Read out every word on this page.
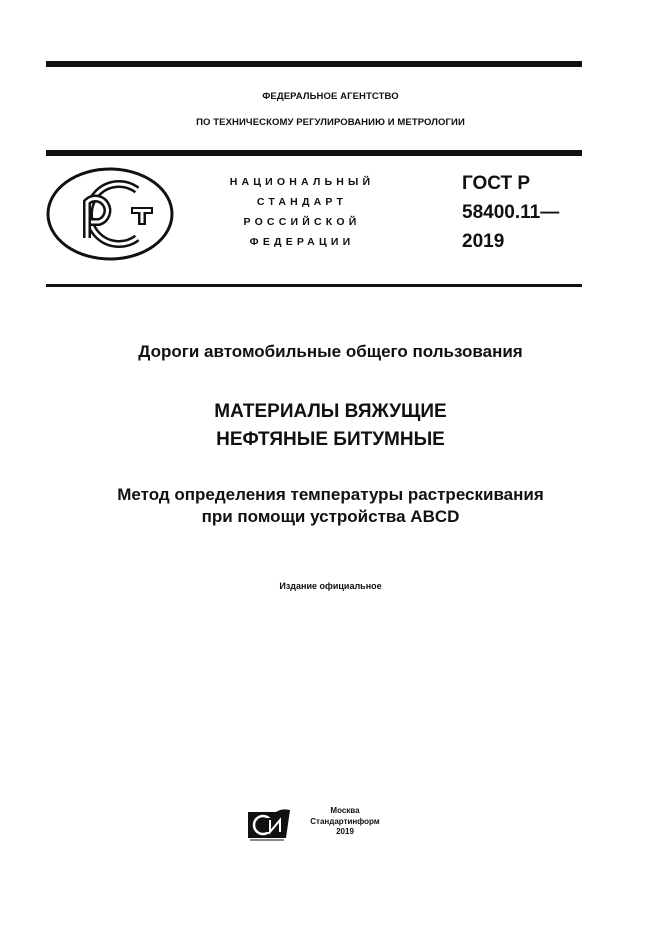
ФЕДЕРАЛЬНОЕ АГЕНТСТВО
ПО ТЕХНИЧЕСКОМУ РЕГУЛИРОВАНИЮ И МЕТРОЛОГИИ
НАЦИОНАЛЬНЫЙ
СТАНДАРТ
РОССИЙСКОЙ
ФЕДЕРАЦИИ
ГОСТ Р
58400.11—
2019
Дороги автомобильные общего пользования
МАТЕРИАЛЫ ВЯЖУЩИЕ
НЕФТЯНЫЕ БИТУМНЫЕ
Метод определения температуры растрескивания
при помощи устройства ABCD
Издание официальное
Москва
Стандартинформ
2019
